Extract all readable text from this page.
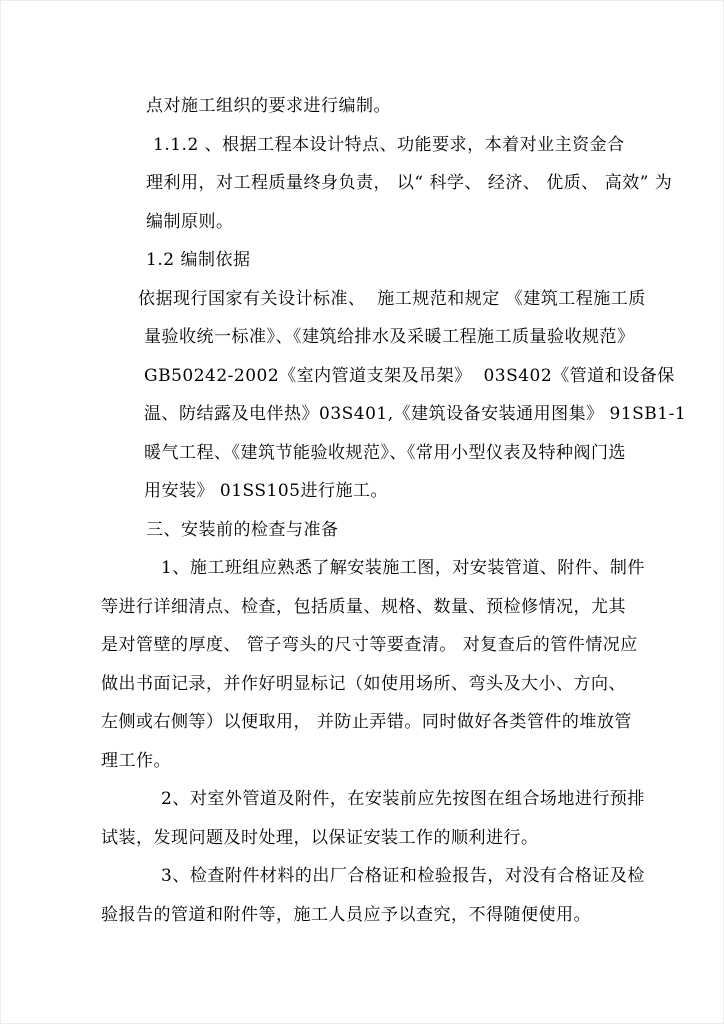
点对施工组织的要求进行编制。
1.1.2 、根据工程本设计特点、功能要求，本着对业主资金合
理利用，对工程质量终身负责， 以“ 科学、 经济、 优质、 高效” 为
编制原则。
1.2 编制依据
依据现行国家有关设计标准、  施工规范和规定 《建筑工程施工质
量验收统一标准》、《建筑给排水及采暖工程施工质量验收规范》
GB50242-2002《室内管道支架及吊架》  03S402《管道和设备保
温、防结露及电伴热》03S401,《建筑设备安装通用图集》 91SB1-1
暖气工程、《建筑节能验收规范》、《常用小型仪表及特种阀门选
用安装》 01SS105进行施工。
三、安装前的检查与准备
1、施工班组应熟悉了解安装施工图，对安装管道、附件、制件
等进行详细清点、检查，包括质量、规格、数量、预检修情况，尤其
是对管壁的厚度、 管子弯头的尺寸等要查清。 对复查后的管件情况应
做出书面记录，并作好明显标记（如使用场所、弯头及大小、方向、
左侧或右侧等）以便取用， 并防止弄错。同时做好各类管件的堆放管
理工作。
2、对室外管道及附件，在安装前应先按图在组合场地进行预排
试装，发现问题及时处理，以保证安装工作的顺利进行。
3、检查附件材料的出厂合格证和检验报告，对没有合格证及检
验报告的管道和附件等，施工人员应予以查究，不得随便使用。
